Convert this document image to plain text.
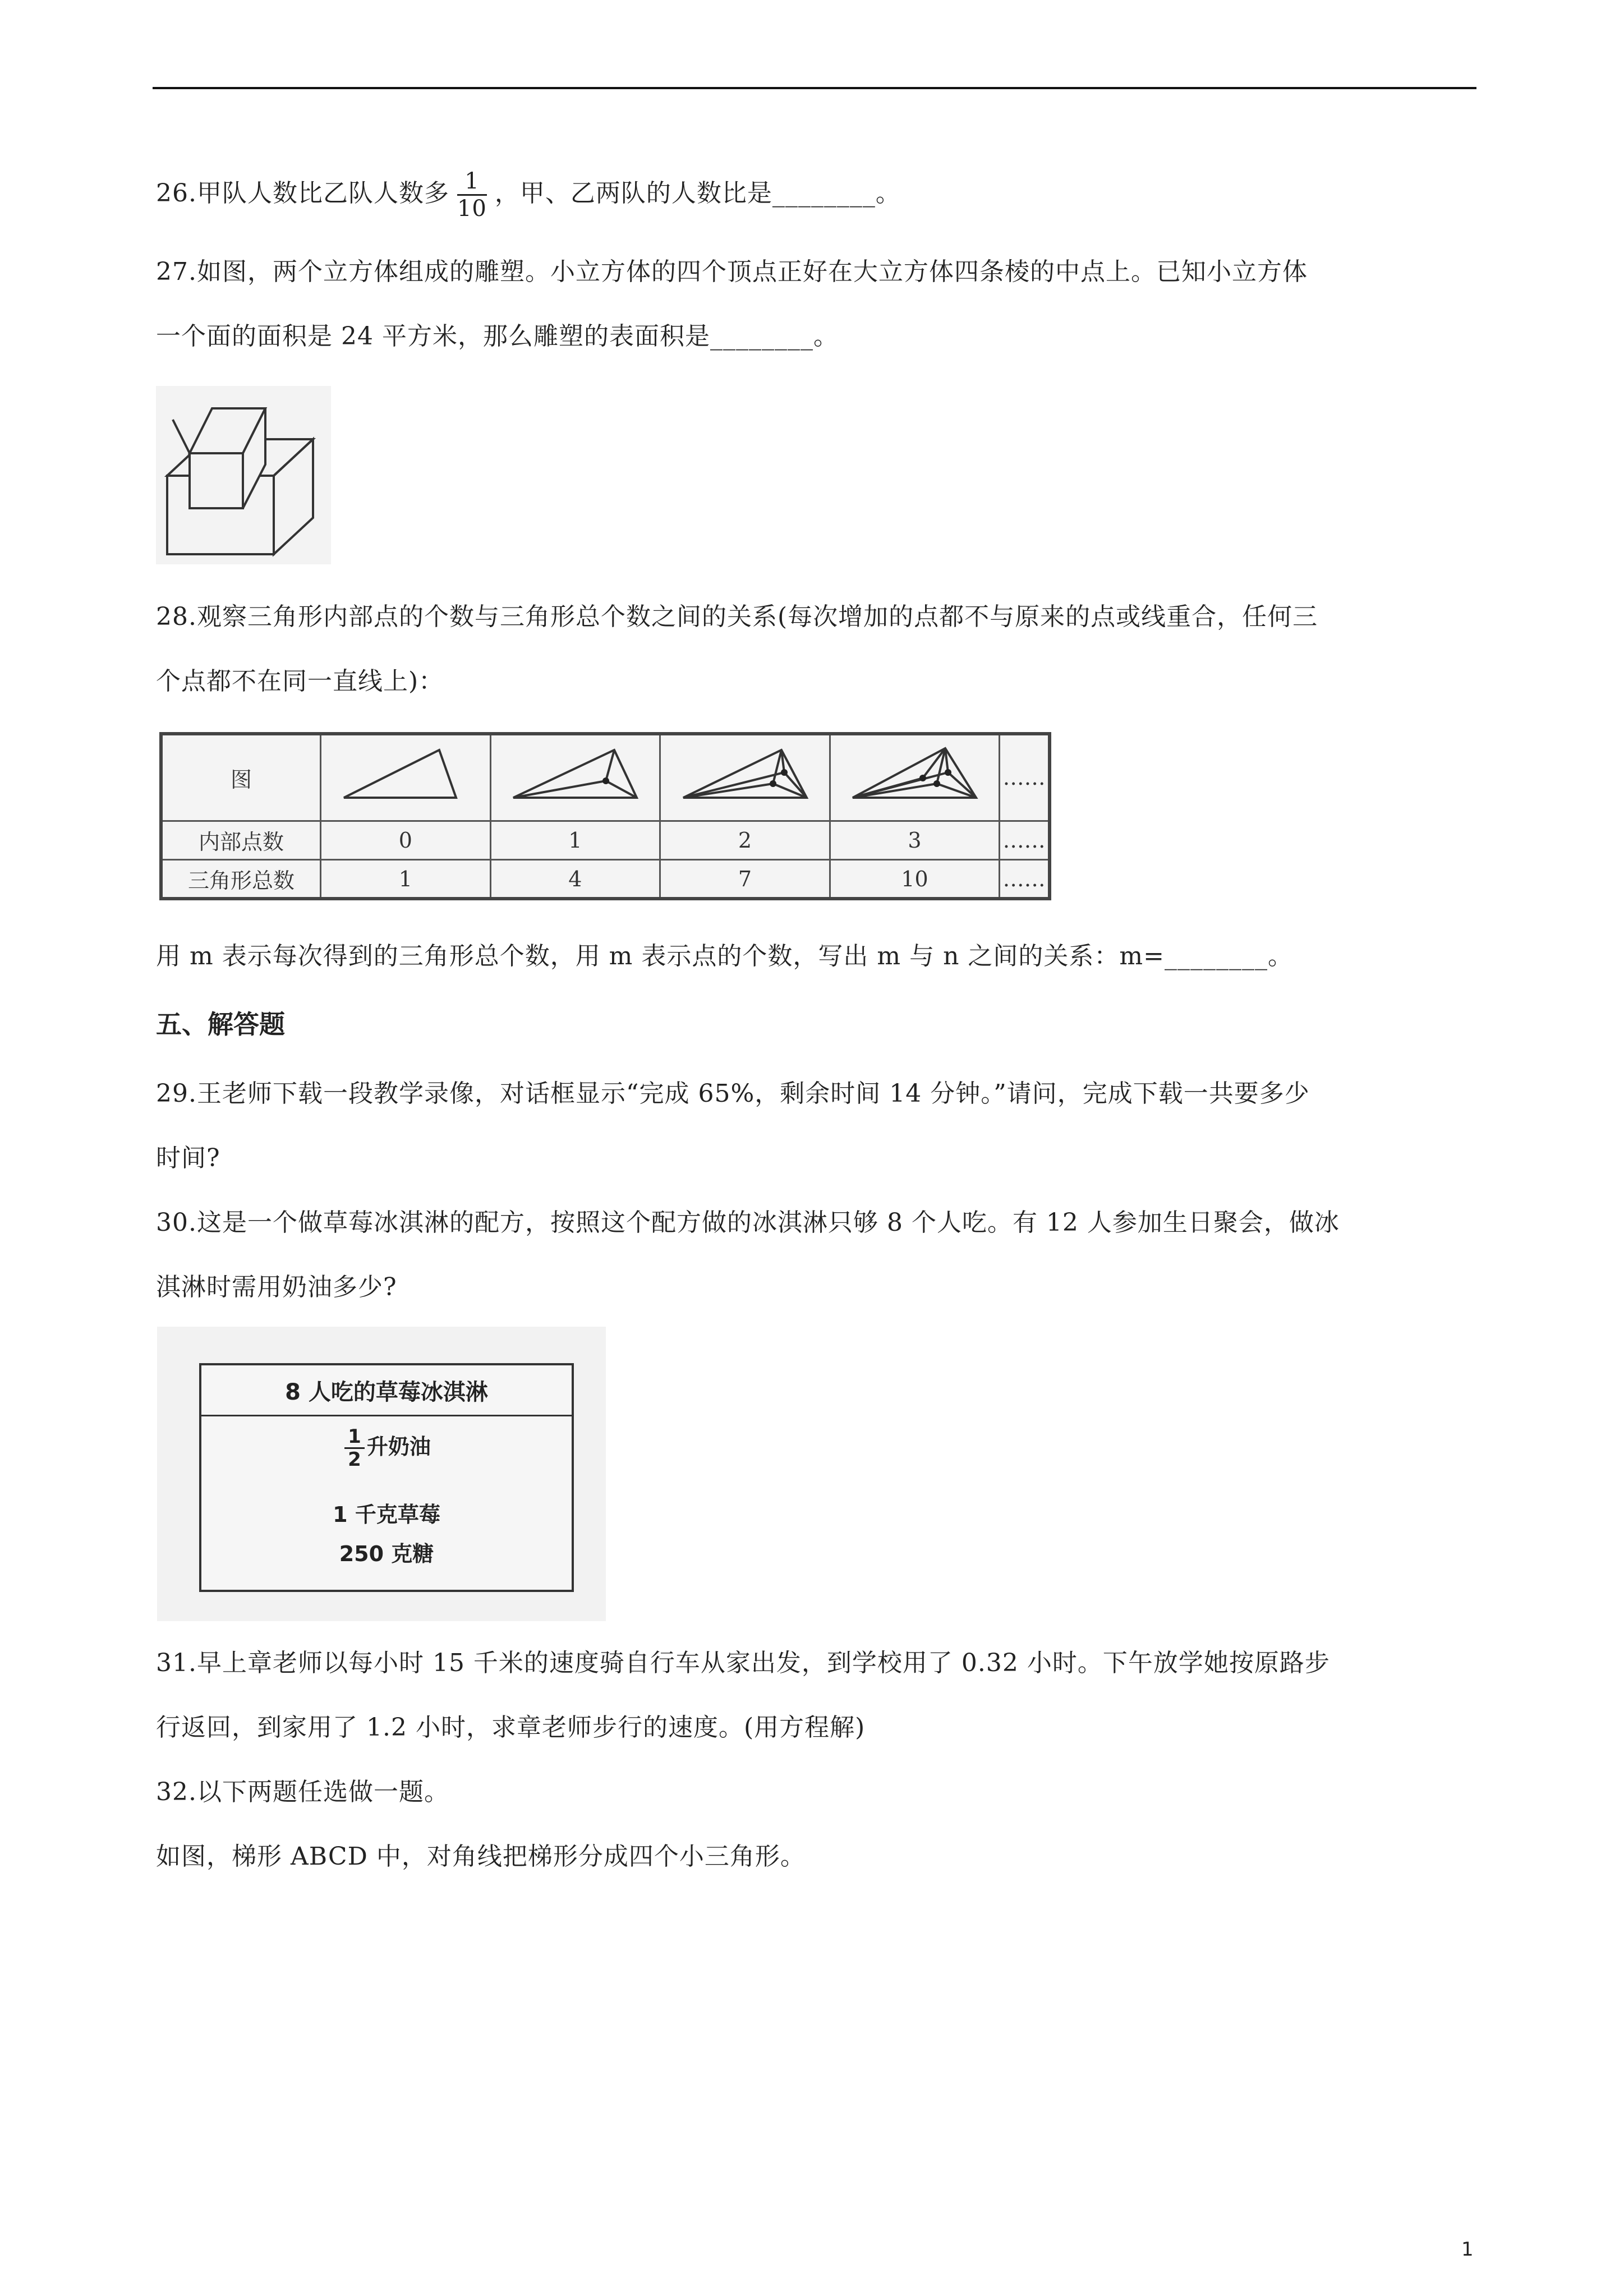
26.甲队人数比乙队人数多 $\frac{1}{10}$ ，甲、乙两队的人数比是________。
27.如图，两个立方体组成的雕塑。小立方体的四个顶点正好在大立方体四条棱的中点上。已知小立方体
一个面的面积是 24 平方米，那么雕塑的表面积是________。
28.观察三角形内部点的个数与三角形总个数之间的关系(每次增加的点都不与原来的点或线重合，任何三
个点都不在同一直线上)：
图					……
内部点数	0	1	2	3	……
三角形总数	1	4	7	10	……
用 m 表示每次得到的三角形总个数，用 m 表示点的个数，写出 m 与 n 之间的关系：m=________。
五、解答题
29.王老师下载一段教学录像，对话框显示“完成 65%，剩余时间 14 分钟。”请问，完成下载一共要多少
时间?
30.这是一个做草莓冰淇淋的配方，按照这个配方做的冰淇淋只够 8 个人吃。有 12 人参加生日聚会，做冰
淇淋时需用奶油多少?
8 人吃的草莓冰淇淋
$\frac{1}{2}$ 升奶油
1 千克草莓
250 克糖
31.早上章老师以每小时 15 千米的速度骑自行车从家出发，到学校用了 0.32 小时。下午放学她按原路步
行返回，到家用了 1.2 小时，求章老师步行的速度。(用方程解)
32.以下两题任选做一题。
如图，梯形 ABCD 中，对角线把梯形分成四个小三角形。
1
